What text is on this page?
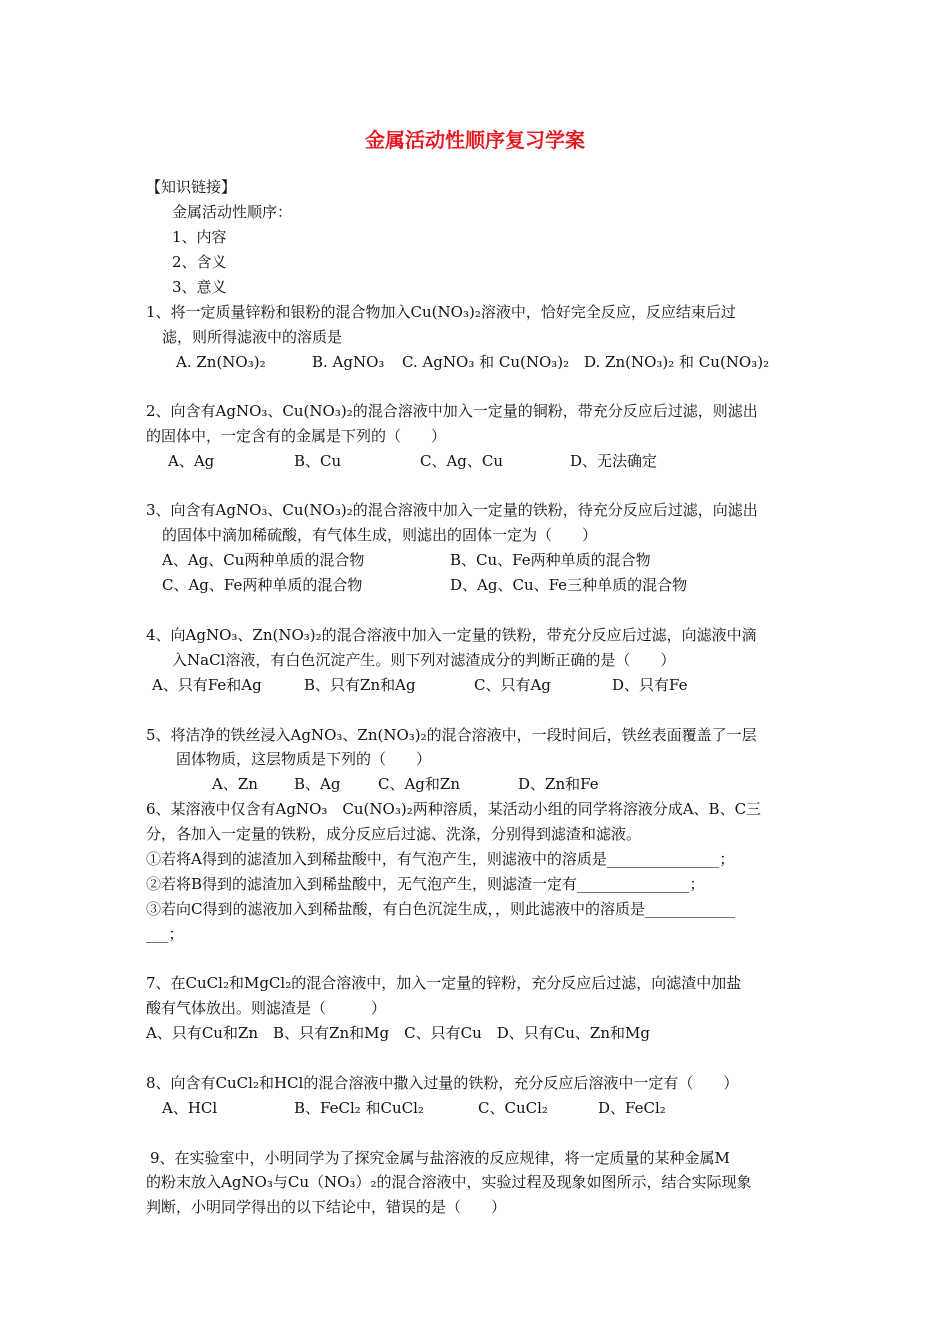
金属活动性顺序复习学案
【知识链接】
金属活动性顺序：
1、内容
2、含义
3、意义
1、将一定质量锌粉和银粉的混合物加入Cu(NO₃)₂溶液中，恰好完全反应，反应结束后过
滤，则所得滤液中的溶质是
A. Zn(NO₃)₂	B. AgNO₃ C. AgNO₃ 和 Cu(NO₃)₂ D. Zn(NO₃)₂ 和 Cu(NO₃)₂
2、向含有AgNO₃、Cu(NO₃)₂的混合溶液中加入一定量的铜粉，带充分反应后过滤，则滤出
的固体中，一定含有的金属是下列的（　　）
A、Ag	B、Cu	C、Ag、Cu	D、无法确定
3、向含有AgNO₃、Cu(NO₃)₂的混合溶液中加入一定量的铁粉，待充分反应后过滤，向滤出
的固体中滴加稀硫酸，有气体生成，则滤出的固体一定为（　　）
A、Ag、Cu两种单质的混合物	B、Cu、Fe两种单质的混合物
C、Ag、Fe两种单质的混合物	D、Ag、Cu、Fe三种单质的混合物
4、向AgNO₃、Zn(NO₃)₂的混合溶液中加入一定量的铁粉，带充分反应后过滤，向滤液中滴
入NaCl溶液，有白色沉淀产生。则下列对滤渣成分的判断正确的是（　　）
A、只有Fe和Ag	B、只有Zn和Ag	C、只有Ag	D、只有Fe
5、将洁净的铁丝浸入AgNO₃、Zn(NO₃)₂的混合溶液中，一段时间后，铁丝表面覆盖了一层
固体物质，这层物质是下列的（　　）
A、Zn B、Ag	C、Ag和Zn	D、Zn和Fe
6、某溶液中仅含有AgNO₃　Cu(NO₃)₂两种溶质，某活动小组的同学将溶液分成A、B、C三
分，各加入一定量的铁粉，成分反应后过滤、洗涤，分别得到滤渣和滤液。
①若将A得到的滤渣加入到稀盐酸中，有气泡产生，则滤液中的溶质是_______________；
②若将B得到的滤渣加入到稀盐酸中，无气泡产生，则滤渣一定有_______________；
③若向C得到的滤液加入到稀盐酸，有白色沉淀生成，，则此滤液中的溶质是____________
___；
7、在CuCl₂和MgCl₂的混合溶液中，加入一定量的锌粉，充分反应后过滤，向滤渣中加盐
酸有气体放出。则滤渣是（　　　）
A、只有Cu和Zn　B、只有Zn和Mg　C、只有Cu　D、只有Cu、Zn和Mg
8、向含有CuCl₂和HCl的混合溶液中撒入过量的铁粉，充分反应后溶液中一定有（　　）
A、HCl	B、FeCl₂ 和CuCl₂	C、CuCl₂	D、FeCl₂
9、在实验室中，小明同学为了探究金属与盐溶液的反应规律，将一定质量的某种金属M
的粉末放入AgNO₃与Cu（NO₃）₂的混合溶液中，实验过程及现象如图所示，结合实际现象
判断，小明同学得出的以下结论中，错误的是（　　）
